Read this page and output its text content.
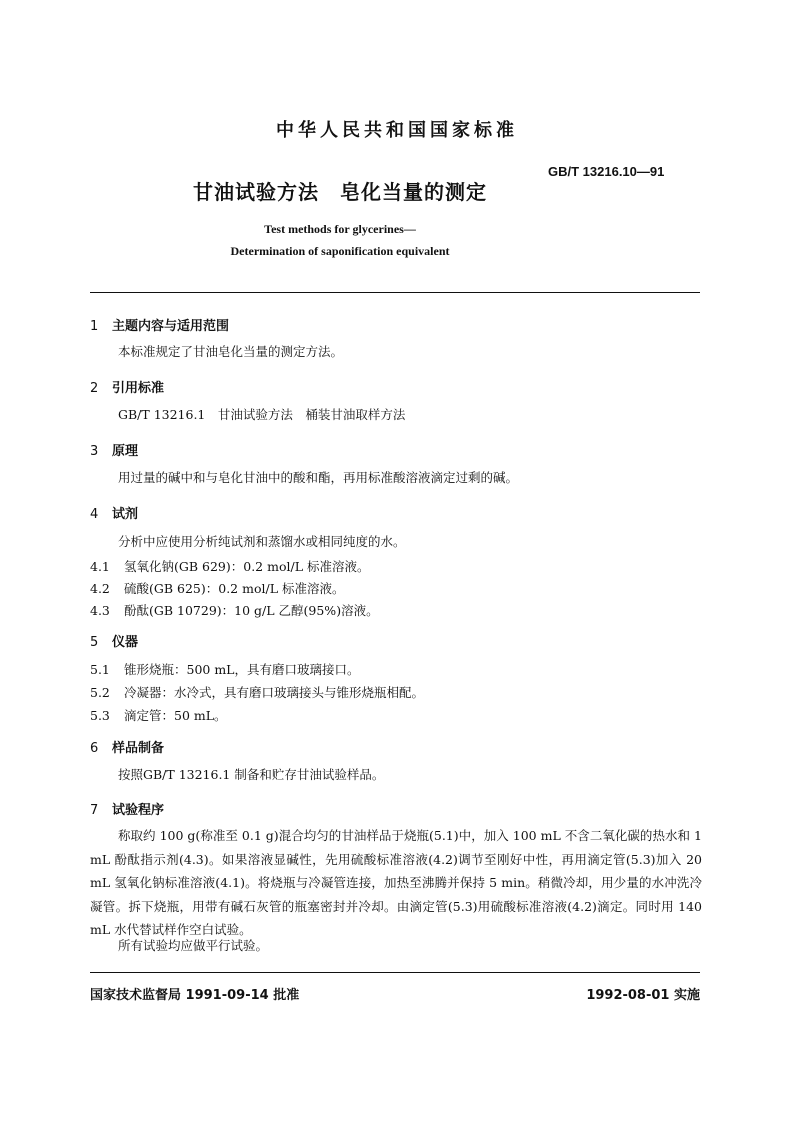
中华人民共和国国家标准
GB/T 13216.10—91
甘油试验方法　皂化当量的测定
Test methods for glycerines—
Determination of saponification equivalent
1 主题内容与适用范围
本标准规定了甘油皂化当量的测定方法。
2 引用标准
GB/T 13216.1　甘油试验方法　桶装甘油取样方法
3 原理
用过量的碱中和与皂化甘油中的酸和酯，再用标准酸溶液滴定过剩的碱。
4 试剂
分析中应使用分析纯试剂和蒸馏水或相同纯度的水。
4.1 氢氧化钠(GB 629)：0.2 mol/L 标准溶液。
4.2 硫酸(GB 625)：0.2 mol/L 标准溶液。
4.3 酚酞(GB 10729)：10 g/L 乙醇(95%)溶液。
5 仪器
5.1 锥形烧瓶：500 mL，具有磨口玻璃接口。
5.2 冷凝器：水冷式，具有磨口玻璃接头与锥形烧瓶相配。
5.3 滴定管：50 mL。
6 样品制备
按照GB/T 13216.1 制备和贮存甘油试验样品。
7 试验程序
称取约 100 g(称准至 0.1 g)混合均匀的甘油样品于烧瓶(5.1)中，加入 100 mL 不含二氧化碳的热水和 1 mL 酚酞指示剂(4.3)。如果溶液显碱性，先用硫酸标准溶液(4.2)调节至刚好中性，再用滴定管(5.3)加入 20 mL 氢氧化钠标准溶液(4.1)。将烧瓶与冷凝管连接，加热至沸腾并保持 5 min。稍微冷却，用少量的水冲洗冷凝管。拆下烧瓶，用带有碱石灰管的瓶塞密封并冷却。由滴定管(5.3)用硫酸标准溶液(4.2)滴定。同时用 140 mL 水代替试样作空白试验。
所有试验均应做平行试验。
国家技术监督局 1991-09-14 批准	1992-08-01 实施
